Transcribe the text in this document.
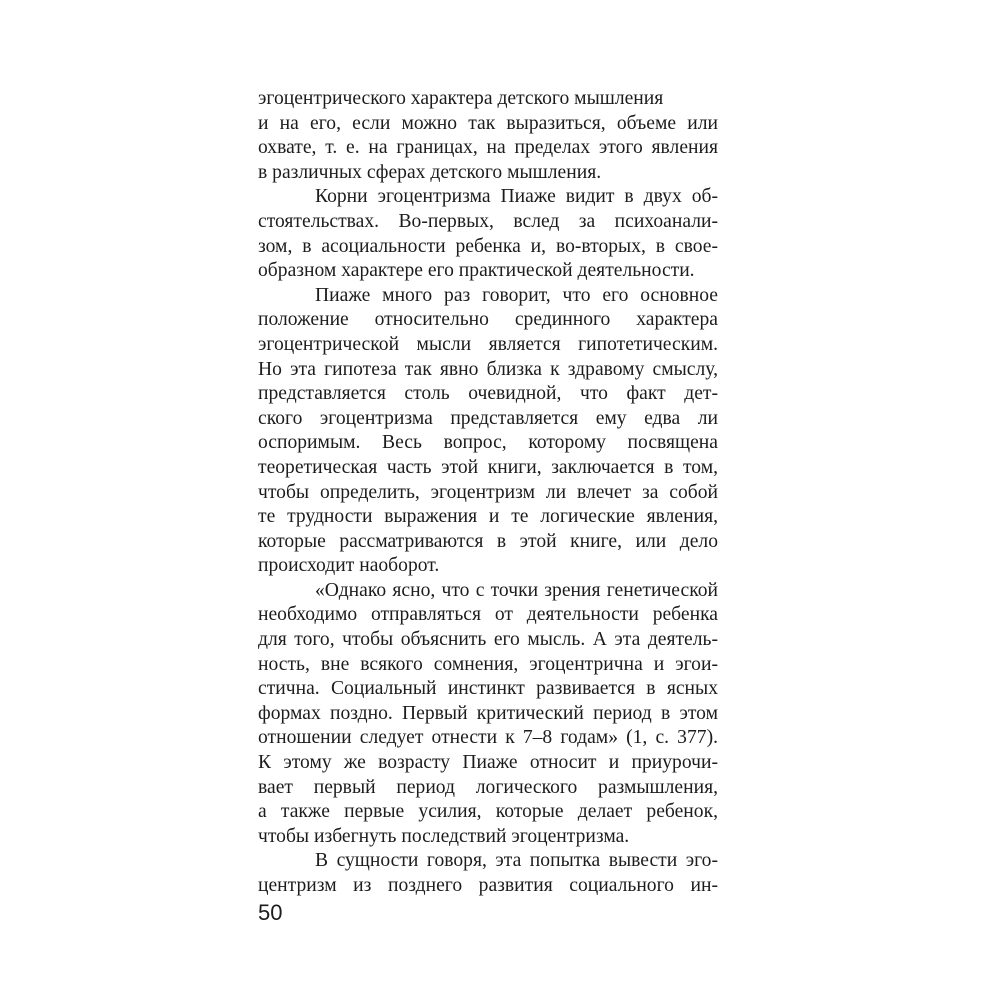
эгоцентрического характера детского мышления
и на его, если можно так выразиться, объеме или
охвате, т. е. на границах, на пределах этого явления
в различных сферах детского мышления.
Корни эгоцентризма Пиаже видит в двух об-
стоятельствах. Во-первых, вслед за психоанали-
зом, в асоциальности ребенка и, во-вторых, в свое-
образном характере его практической деятельности.
Пиаже много раз говорит, что его основное
положение относительно срединного характера
эгоцентрической мысли является гипотетическим.
Но эта гипотеза так явно близка к здравому смыслу,
представляется столь очевидной, что факт дет-
ского эгоцентризма представляется ему едва ли
оспоримым. Весь вопрос, которому посвящена
теоретическая часть этой книги, заключается в том,
чтобы определить, эгоцентризм ли влечет за собой
те трудности выражения и те логические явления,
которые рассматриваются в этой книге, или дело
происходит наоборот.
«Однако ясно, что с точки зрения генетической
необходимо отправляться от деятельности ребенка
для того, чтобы объяснить его мысль. А эта деятель-
ность, вне всякого сомнения, эгоцентрична и эгои-
стична. Социальный инстинкт развивается в ясных
формах поздно. Первый критический период в этом
отношении следует отнести к 7–8 годам» (1, с. 377).
К этому же возрасту Пиаже относит и приурочи-
вает первый период логического размышления,
а также первые усилия, которые делает ребенок,
чтобы избегнуть последствий эгоцентризма.
В сущности говоря, эта попытка вывести эго-
центризм из позднего развития социального ин-
50
